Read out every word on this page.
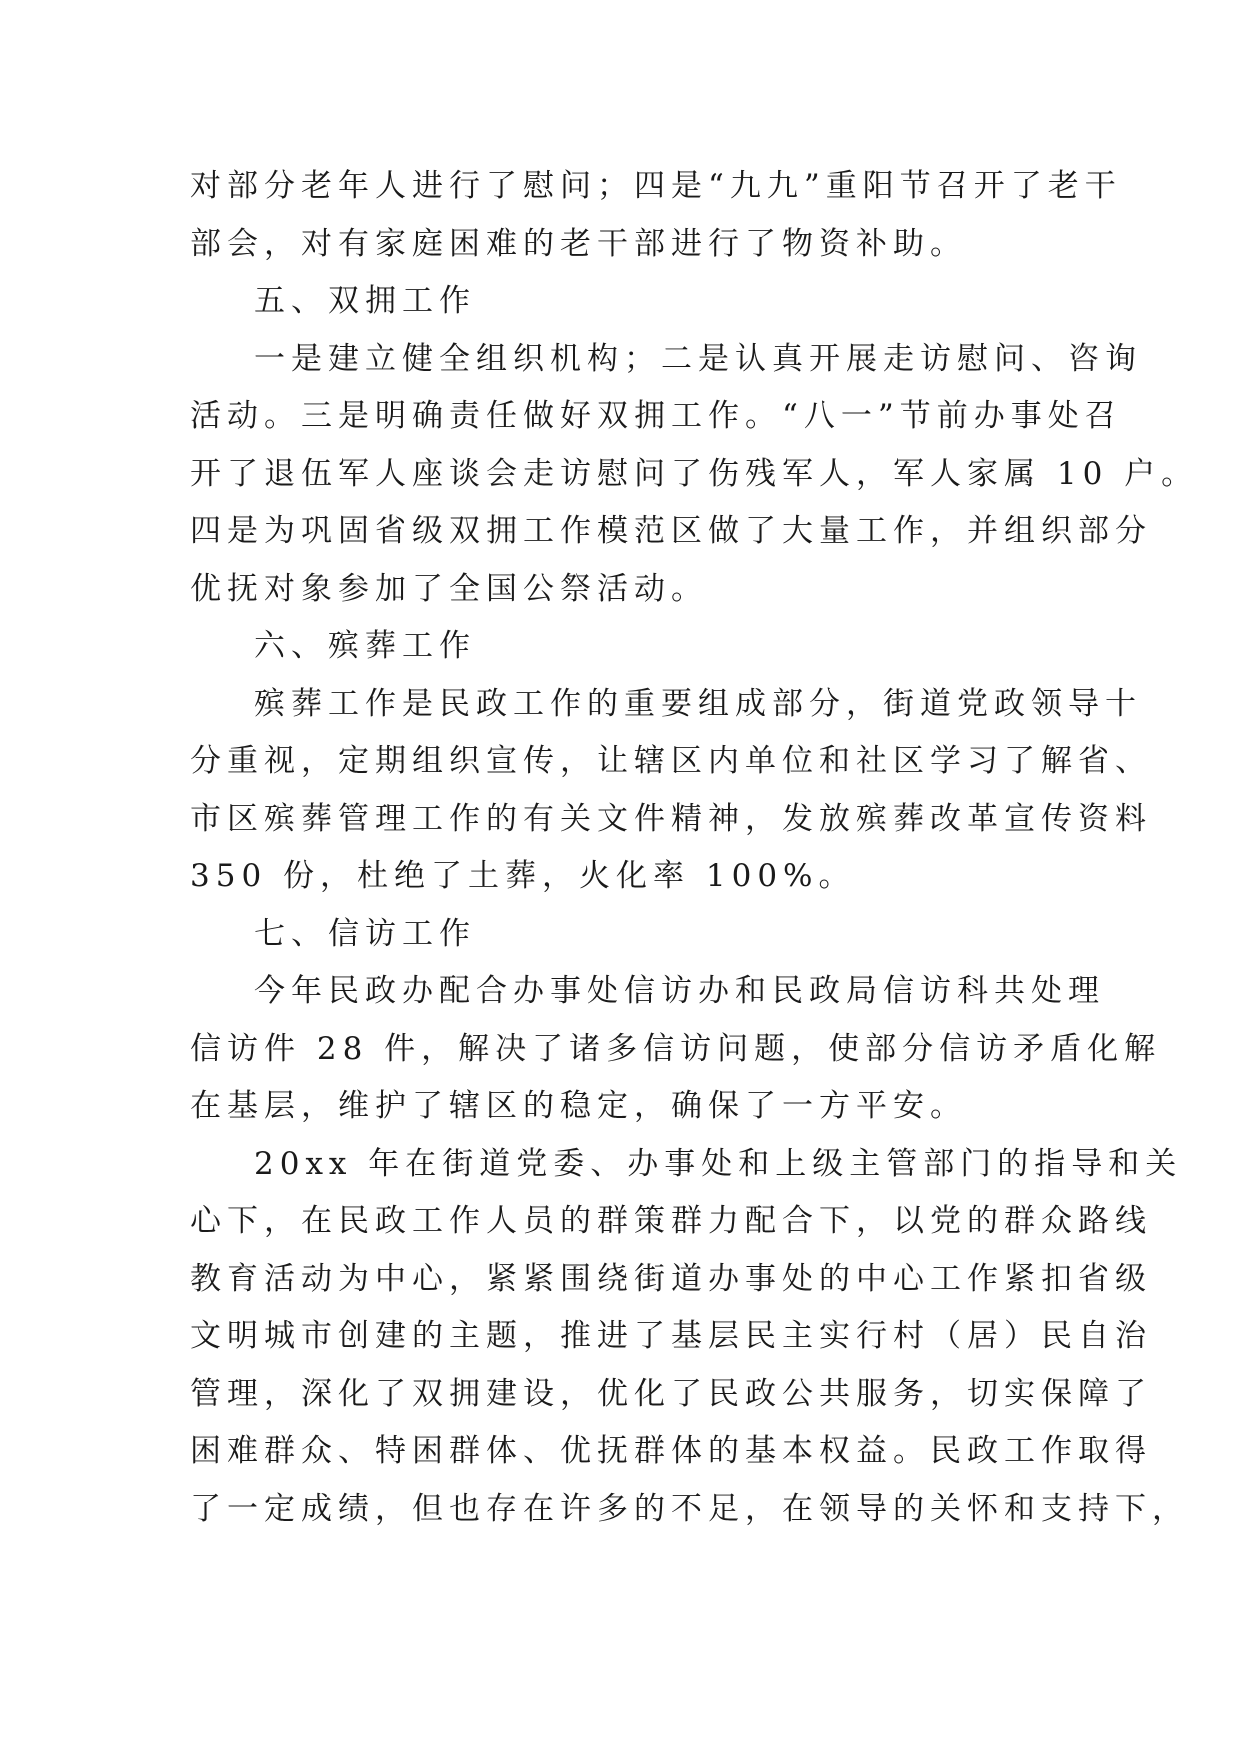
对部分老年人进行了慰问；四是“九九”重阳节召开了老干
部会，对有家庭困难的老干部进行了物资补助。
五、双拥工作
一是建立健全组织机构；二是认真开展走访慰问、咨询
活动。三是明确责任做好双拥工作。“八一”节前办事处召
开了退伍军人座谈会走访慰问了伤残军人，军人家属 10 户。
四是为巩固省级双拥工作模范区做了大量工作，并组织部分
优抚对象参加了全国公祭活动。
六、殡葬工作
殡葬工作是民政工作的重要组成部分，街道党政领导十
分重视，定期组织宣传，让辖区内单位和社区学习了解省、
市区殡葬管理工作的有关文件精神，发放殡葬改革宣传资料
350 份，杜绝了土葬，火化率 100%。
七、信访工作
今年民政办配合办事处信访办和民政局信访科共处理
信访件 28 件，解决了诸多信访问题，使部分信访矛盾化解
在基层，维护了辖区的稳定，确保了一方平安。
20xx 年在街道党委、办事处和上级主管部门的指导和关
心下，在民政工作人员的群策群力配合下，以党的群众路线
教育活动为中心，紧紧围绕街道办事处的中心工作紧扣省级
文明城市创建的主题，推进了基层民主实行村（居）民自治
管理，深化了双拥建设，优化了民政公共服务，切实保障了
困难群众、特困群体、优抚群体的基本权益。民政工作取得
了一定成绩，但也存在许多的不足，在领导的关怀和支持下，
